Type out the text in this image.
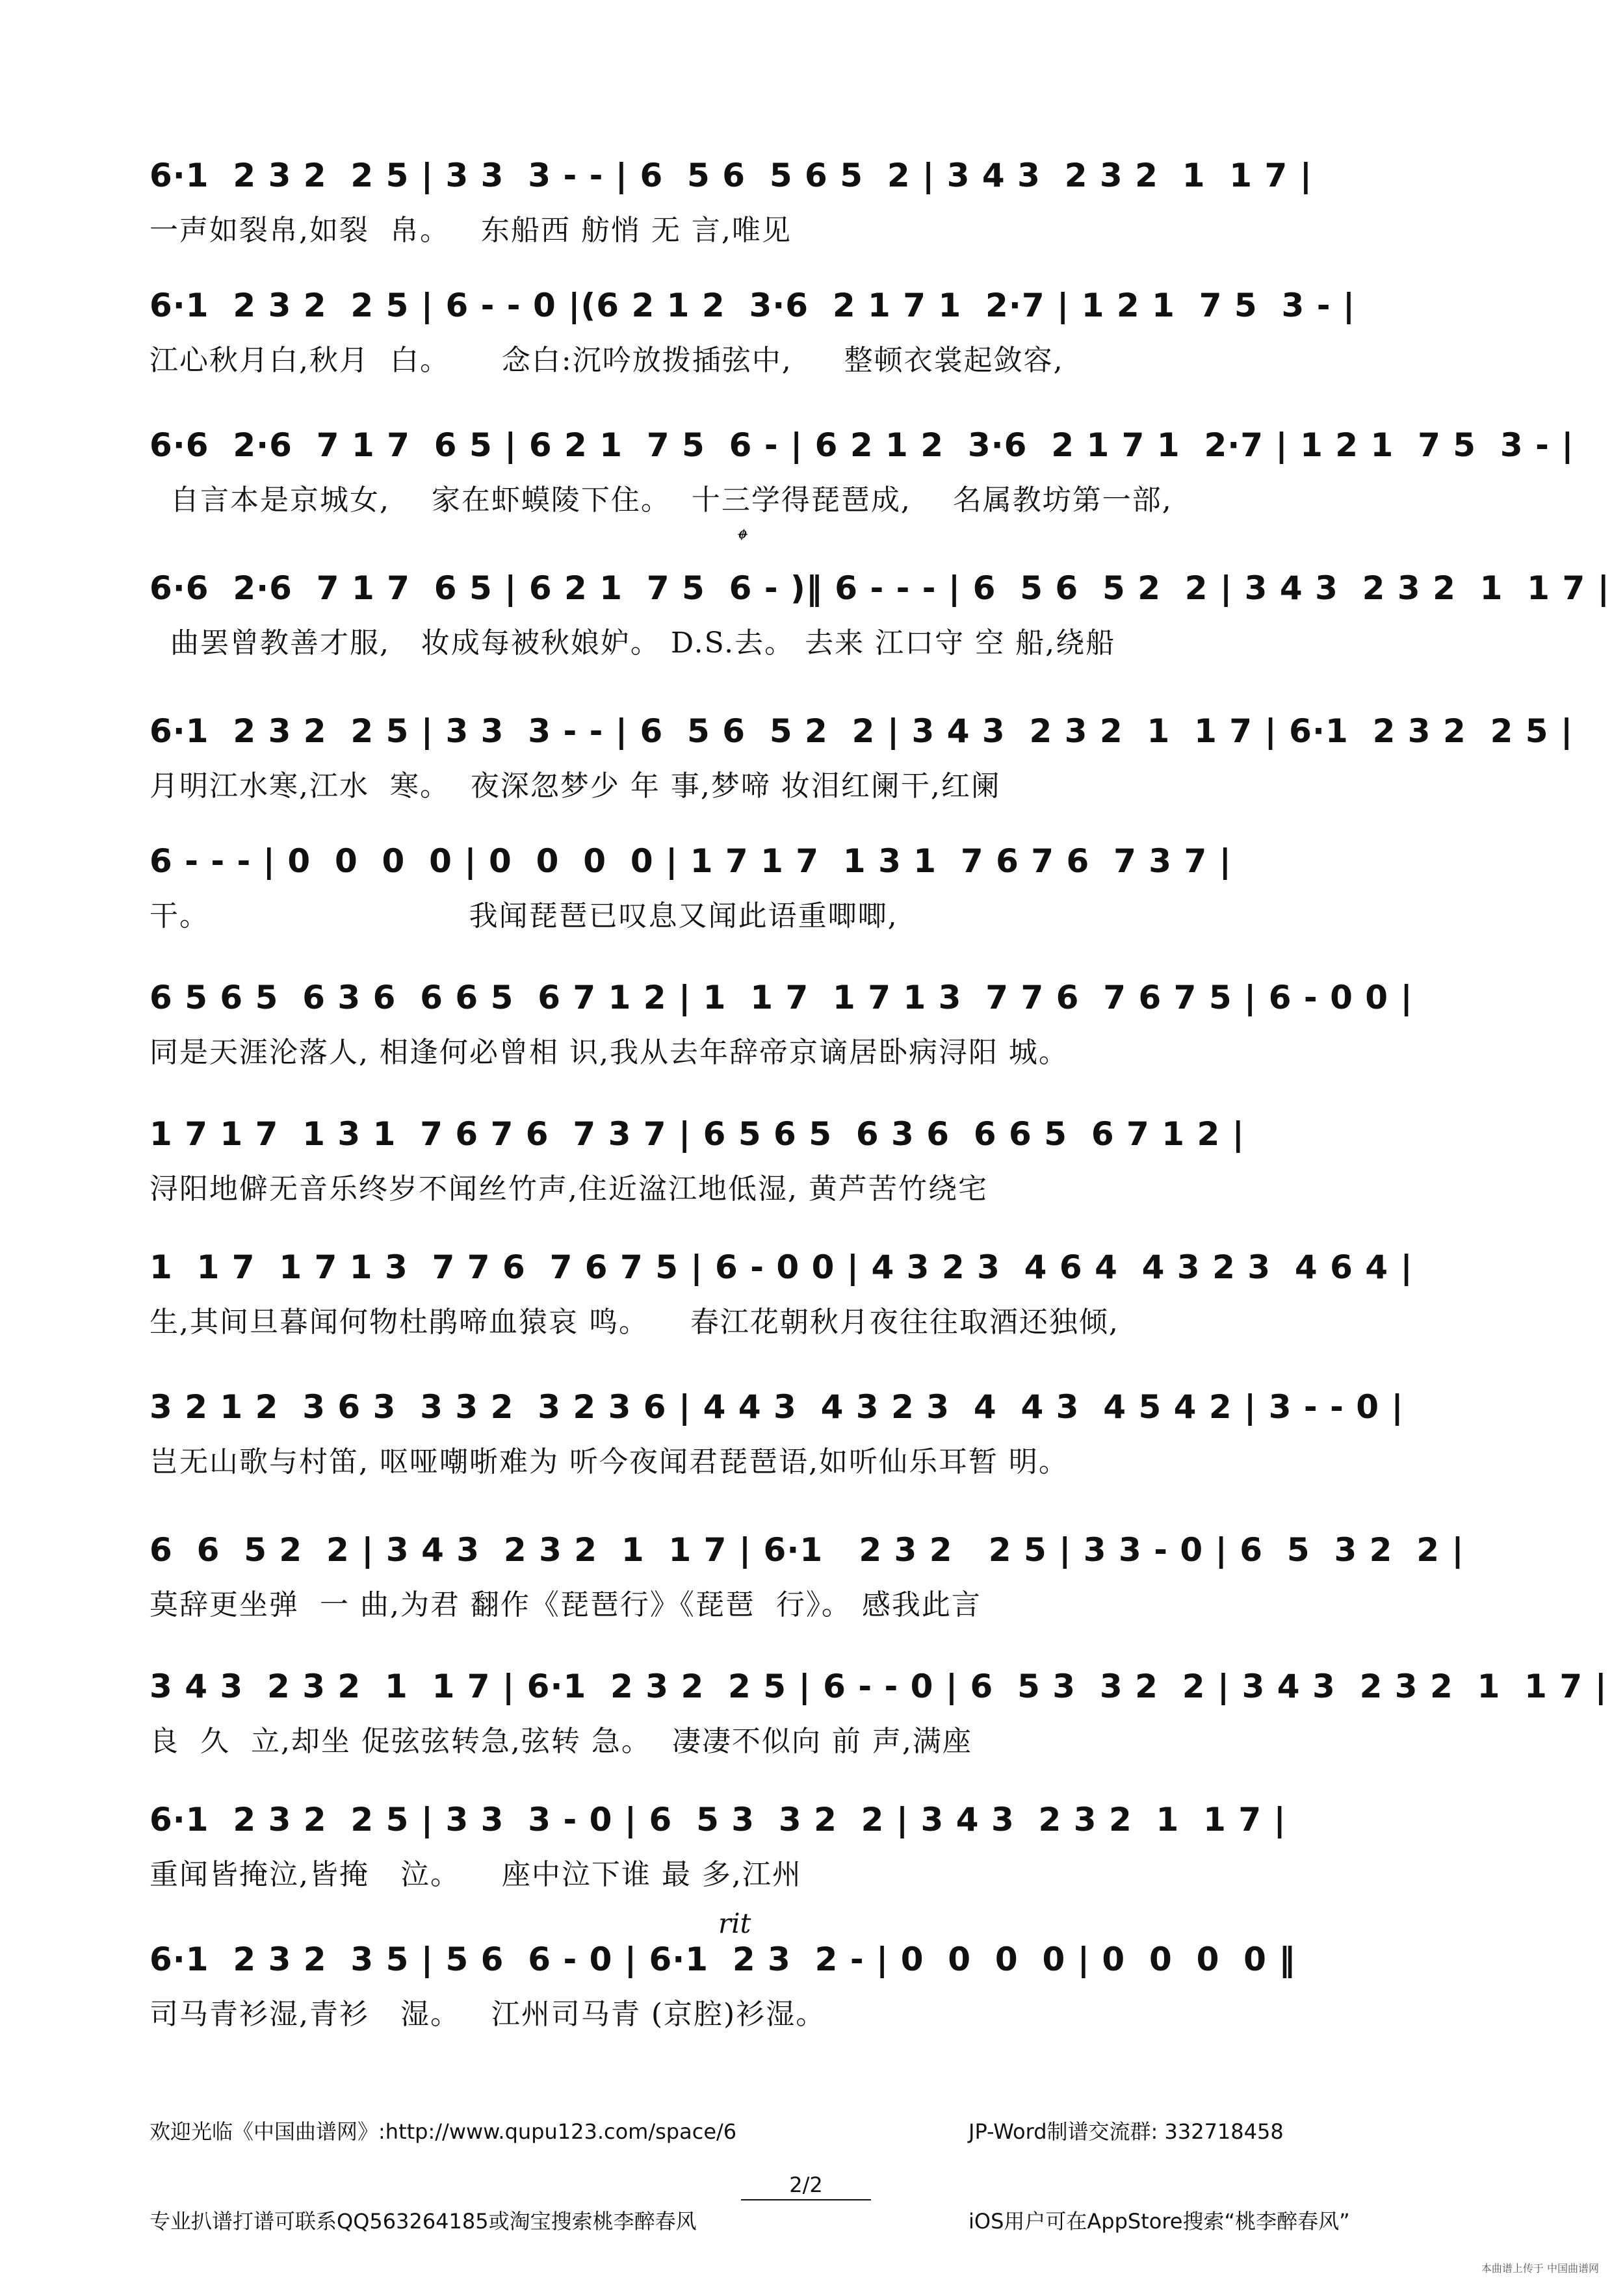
6·1  2 3 2  2 5 | 3 3  3 - - | 6  5 6  5 6 5  2 | 3 4 3  2 3 2  1  1 7 |
一声如裂帛,如裂  帛。   东船西 舫悄 无 言,唯见
6·1  2 3 2  2 5 | 6 - - 0 |(6 2 1 2  3·6  2 1 7 1  2·7 | 1 2 1  7 5  3 - |
江心秋月白,秋月  白。     念白:沉吟放拨插弦中,     整顿衣裳起敛容,
6·6  2·6  7 1 7  6 5 | 6 2 1  7 5  6 - | 6 2 1 2  3·6  2 1 7 1  2·7 | 1 2 1  7 5  3 - |
自言本是京城女,    家在虾蟆陵下住。  十三学得琵琶成,    名属教坊第一部,
𝄌
6·6  2·6  7 1 7  6 5 | 6 2 1  7 5  6 - )‖ 6 - - - | 6  5 6  5 2  2 | 3 4 3  2 3 2  1  1 7 |
曲罢曾教善才服,   妆成每被秋娘妒。 D.S.去。 去来 江口守 空 船,绕船
6·1  2 3 2  2 5 | 3 3  3 - - | 6  5 6  5 2  2 | 3 4 3  2 3 2  1  1 7 | 6·1  2 3 2  2 5 |
月明江水寒,江水  寒。  夜深忽梦少 年 事,梦啼 妆泪红阑干,红阑
6 - - - | 0  0  0  0 | 0  0  0  0 | 1 7 1 7  1 3 1  7 6 7 6  7 3 7 |
干。                         我闻琵琶已叹息又闻此语重唧唧,
6 5 6 5  6 3 6  6 6 5  6 7 1 2 | 1  1 7  1 7 1 3  7 7 6  7 6 7 5 | 6 - 0 0 |
同是天涯沦落人, 相逢何必曾相 识,我从去年辞帝京谪居卧病浔阳 城。
1 7 1 7  1 3 1  7 6 7 6  7 3 7 | 6 5 6 5  6 3 6  6 6 5  6 7 1 2 |
浔阳地僻无音乐终岁不闻丝竹声,住近湓江地低湿, 黄芦苦竹绕宅
1  1 7  1 7 1 3  7 7 6  7 6 7 5 | 6 - 0 0 | 4 3 2 3  4 6 4  4 3 2 3  4 6 4 |
生,其间旦暮闻何物杜鹃啼血猿哀 鸣。    春江花朝秋月夜往往取酒还独倾,
3 2 1 2  3 6 3  3 3 2  3 2 3 6 | 4 4 3  4 3 2 3  4  4 3  4 5 4 2 | 3 - - 0 |
岂无山歌与村笛, 呕哑嘲哳难为 听今夜闻君琵琶语,如听仙乐耳暂 明。
6  6  5 2  2 | 3 4 3  2 3 2  1  1 7 | 6·1   2 3 2   2 5 | 3 3 - 0 | 6  5  3 2  2 |
莫辞更坐弹  一 曲,为君 翻作《琵琶行》《琵琶  行》。 感我此言
3 4 3  2 3 2  1  1 7 | 6·1  2 3 2  2 5 | 6 - - 0 | 6  5 3  3 2  2 | 3 4 3  2 3 2  1  1 7 |
良  久  立,却坐 促弦弦转急,弦转 急。  凄凄不似向 前 声,满座
6·1  2 3 2  2 5 | 3 3  3 - 0 | 6  5 3  3 2  2 | 3 4 3  2 3 2  1  1 7 |
重闻皆掩泣,皆掩   泣。    座中泣下谁 最 多,江州
rit
6·1  2 3 2  3 5 | 5 6  6 - 0 | 6·1  2 3  2 - | 0  0  0  0 | 0  0  0  0 ‖
司马青衫湿,青衫   湿。   江州司马青 (京腔)衫湿。

欢迎光临《中国曲谱网》:http://www.qupu123.com/space/6

专业扒谱打谱可联系QQ563264185或淘宝搜索桃李醉春风

JP-Word制谱交流群: 332718458

iOS用户可在AppStore搜索“桃李醉春风”

2/2
本曲谱上传于 中国曲谱网
